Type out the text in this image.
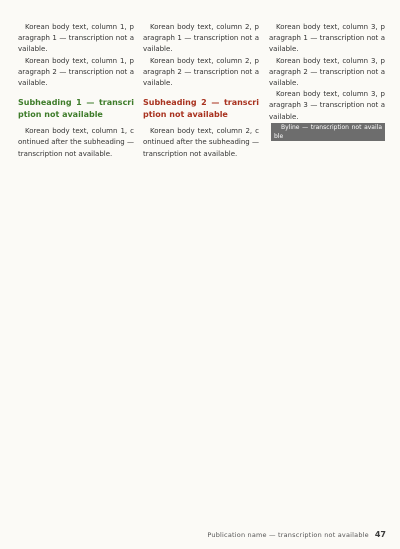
Korean body text, column 1, paragraph 1 — transcription not available.

Korean body text, column 1, paragraph 2 — transcription not available.

Subheading 1 — transcription not available

Korean body text, column 1, continued after the subheading — transcription not available.

Korean body text, column 2, paragraph 1 — transcription not available.

Korean body text, column 2, paragraph 2 — transcription not available.

Subheading 2 — transcription not available

Korean body text, column 2, continued after the subheading — transcription not available.

Korean body text, column 3, paragraph 1 — transcription not available.

Korean body text, column 3, paragraph 2 — transcription not available.

Korean body text, column 3, paragraph 3 — transcription not available. Byline — transcription not available

Publication name — transcription not available 47
